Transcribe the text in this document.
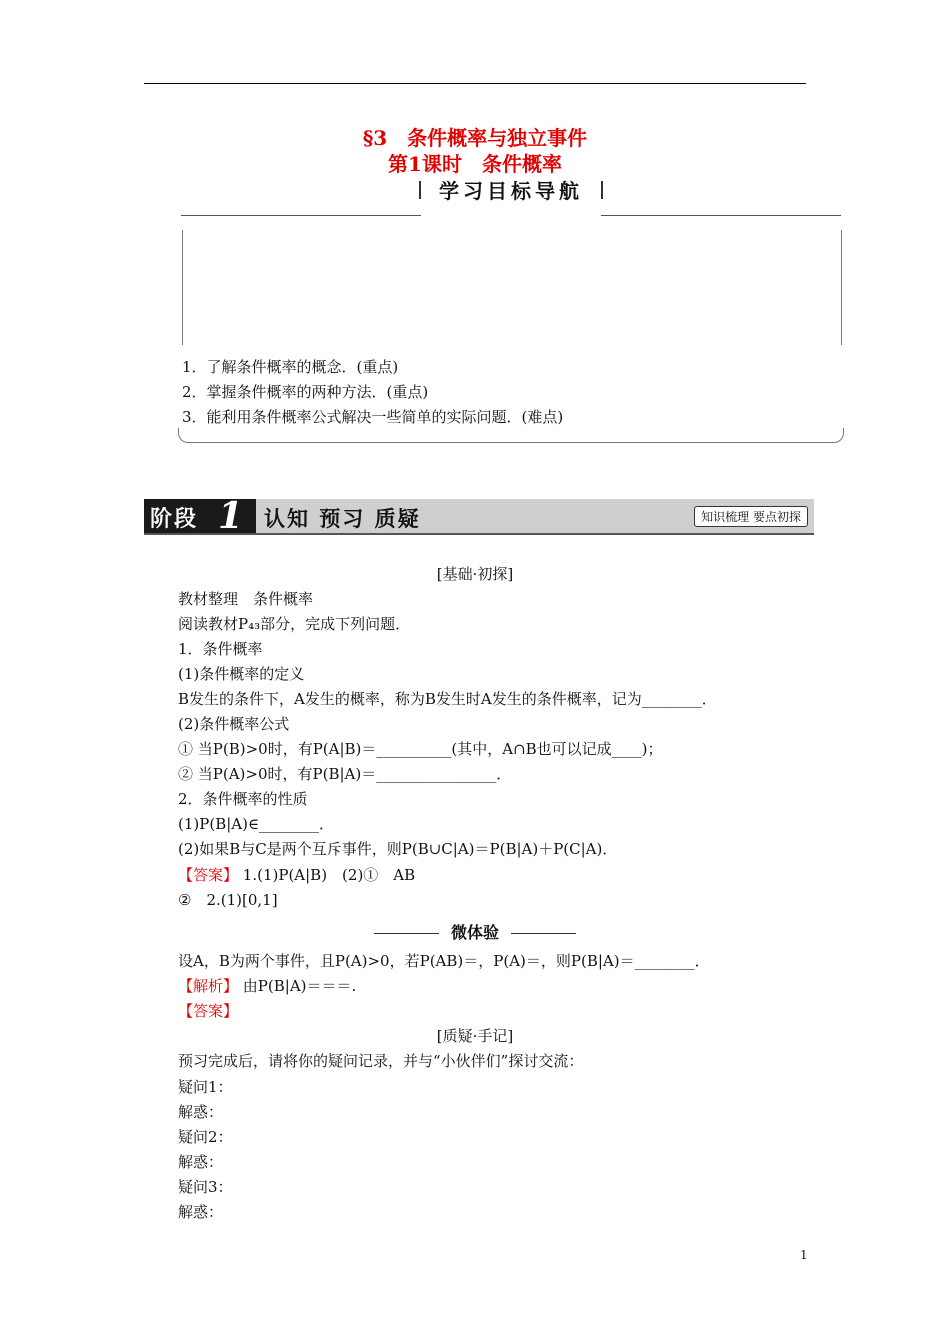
§3　条件概率与独立事件
第1课时　条件概率
学习目标导航
1．了解条件概率的概念．(重点)
2．掌握条件概率的两种方法．(重点)
3．能利用条件概率公式解决一些简单的实际问题．(难点)
阶段 1 认知 预习 质疑	知识梳理 要点初探
[基础·初探]
教材整理　条件概率
阅读教材P₄₃部分，完成下列问题．
1．条件概率
(1)条件概率的定义
B发生的条件下，A发生的概率，称为B发生时A发生的条件概率，记为________．
(2)条件概率公式
① 当P(B)>0时，有P(A|B)＝__________(其中，A∩B也可以记成____)；
② 当P(A)>0时，有P(B|A)＝________________．
2．条件概率的性质
(1)P(B|A)∈________．
(2)如果B与C是两个互斥事件，则P(B∪C|A)＝P(B|A)＋P(C|A)．
【答案】 1.(1)P(A|B)　(2)①　AB
②　2.(1)[0,1]
微体验
设A，B为两个事件，且P(A)>0，若P(AB)＝，P(A)＝，则P(B|A)＝________．
【解析】 由P(B|A)＝＝＝.
【答案】
[质疑·手记]
预习完成后，请将你的疑问记录，并与“小伙伴们”探讨交流：
疑问1：
解惑：
疑问2：
解惑：
疑问3：
解惑：
1
